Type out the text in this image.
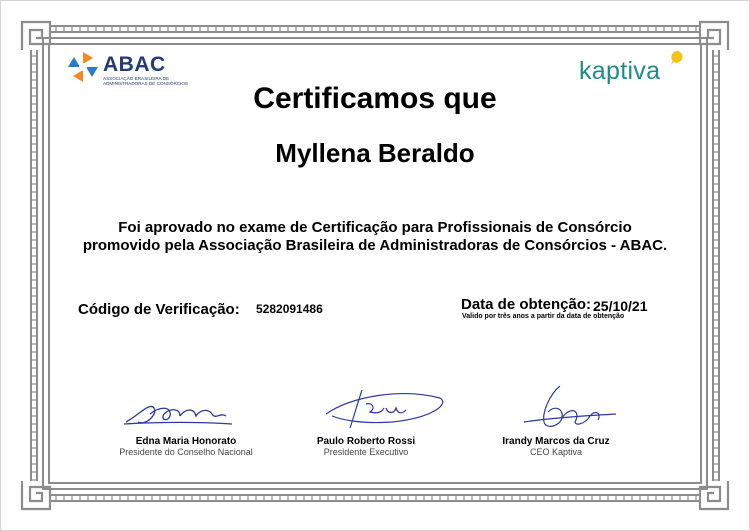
ABAC
ASSOCIAÇÃO BRASILEIRA DE
ADMINISTRADORAS DE CONSÓRCIOS	kaptiva
Certificamos que
Myllena Beraldo
Foi aprovado no exame de Certificação para Profissionais de Consórcio
promovido pela Associação Brasileira de Administradoras de Consórcios - ABAC.
Código de Verificação: 5282091486	Data de obtenção: 25/10/21
Valido por três anos a partir da data de obtenção
Edna Maria Honorato
Presidente do Conselho Nacional
Paulo Roberto Rossi
Presidente Executivo
Irandy Marcos da Cruz
CEO Kaptiva
